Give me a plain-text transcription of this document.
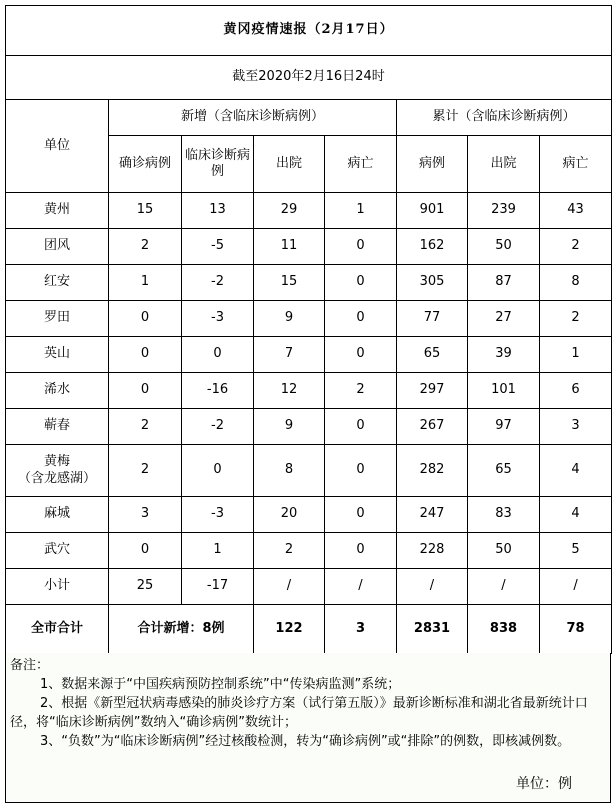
黄冈疫情速报（2月17日）							
截至2020年2月16日24时							
单位	新增（含临床诊断病例）				累计（含临床诊断病例）		
	确诊病例	临床诊断病例	出院	病亡	病例	出院	病亡
黄州	15	13	29	1	901	239	43
团风	2	-5	11	0	162	50	2
红安	1	-2	15	0	305	87	8
罗田	0	-3	9	0	77	27	2
英山	0	0	7	0	65	39	1
浠水	0	-16	12	2	297	101	6
蕲春	2	-2	9	0	267	97	3
黄梅
（含龙感湖）	2	0	8	0	282	65	4
麻城	3	-3	20	0	247	83	4
武穴	0	1	2	0	228	50	5
小计	25	-17	/	/	/	/	/
全市合计	合计新增：8例	122	3	2831	838	78
备注：
1、数据来源于“中国疾病预防控制系统”中“传染病监测”系统；
2、根据《新型冠状病毒感染的肺炎诊疗方案（试行第五版）》最新诊断标准和湖北省最新统计口径，将“临床诊断病例”数纳入“确诊病例”数统计；
3、“负数”为“临床诊断病例”经过核酸检测，转为“确诊病例”或“排除”的例数，即核减例数。
单位：例
